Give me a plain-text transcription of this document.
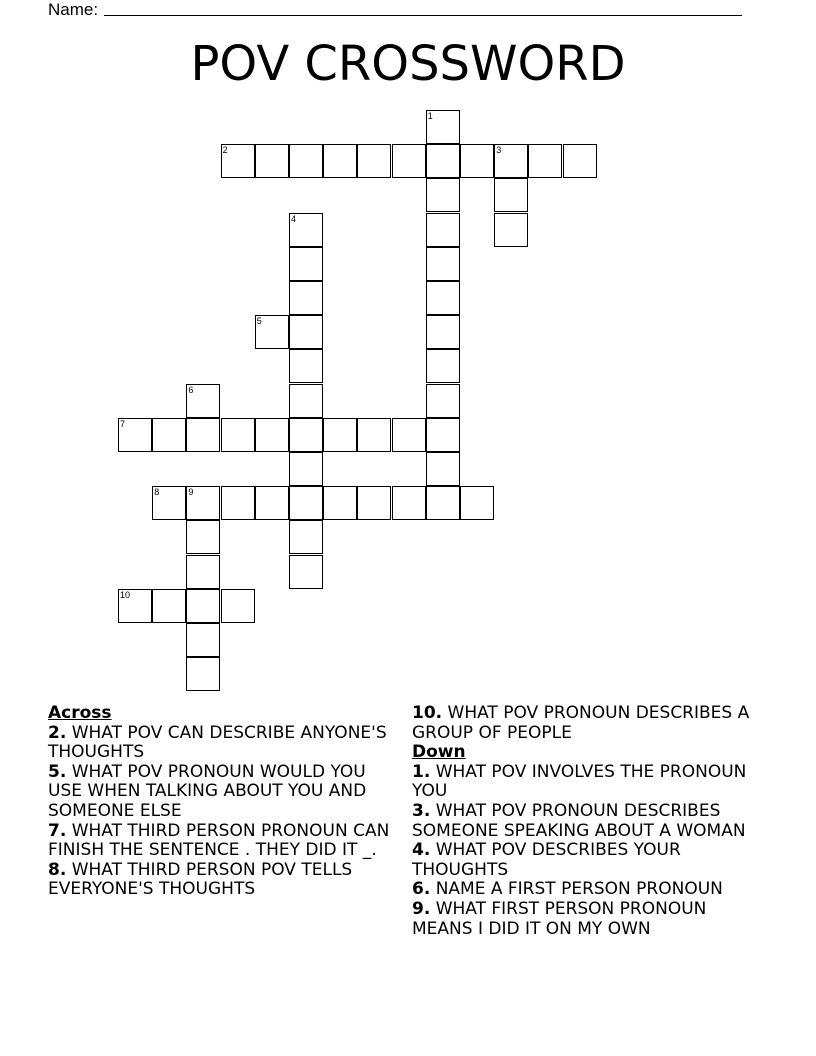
Name:
POV CROSSWORD
1
2	3
4
5
6
7
8	9
10
Across
2. WHAT POV CAN DESCRIBE ANYONE'S THOUGHTS
5. WHAT POV PRONOUN WOULD YOU USE WHEN TALKING ABOUT YOU AND SOMEONE ELSE
7. WHAT THIRD PERSON PRONOUN CAN FINISH THE SENTENCE . THEY DID IT _.
8. WHAT THIRD PERSON POV TELLS EVERYONE'S THOUGHTS
10. WHAT POV PRONOUN DESCRIBES A GROUP OF PEOPLE
Down
1. WHAT POV INVOLVES THE PRONOUN YOU
3. WHAT POV PRONOUN DESCRIBES SOMEONE SPEAKING ABOUT A WOMAN
4. WHAT POV DESCRIBES YOUR THOUGHTS
6. NAME A FIRST PERSON PRONOUN
9. WHAT FIRST PERSON PRONOUN MEANS I DID IT ON MY OWN
